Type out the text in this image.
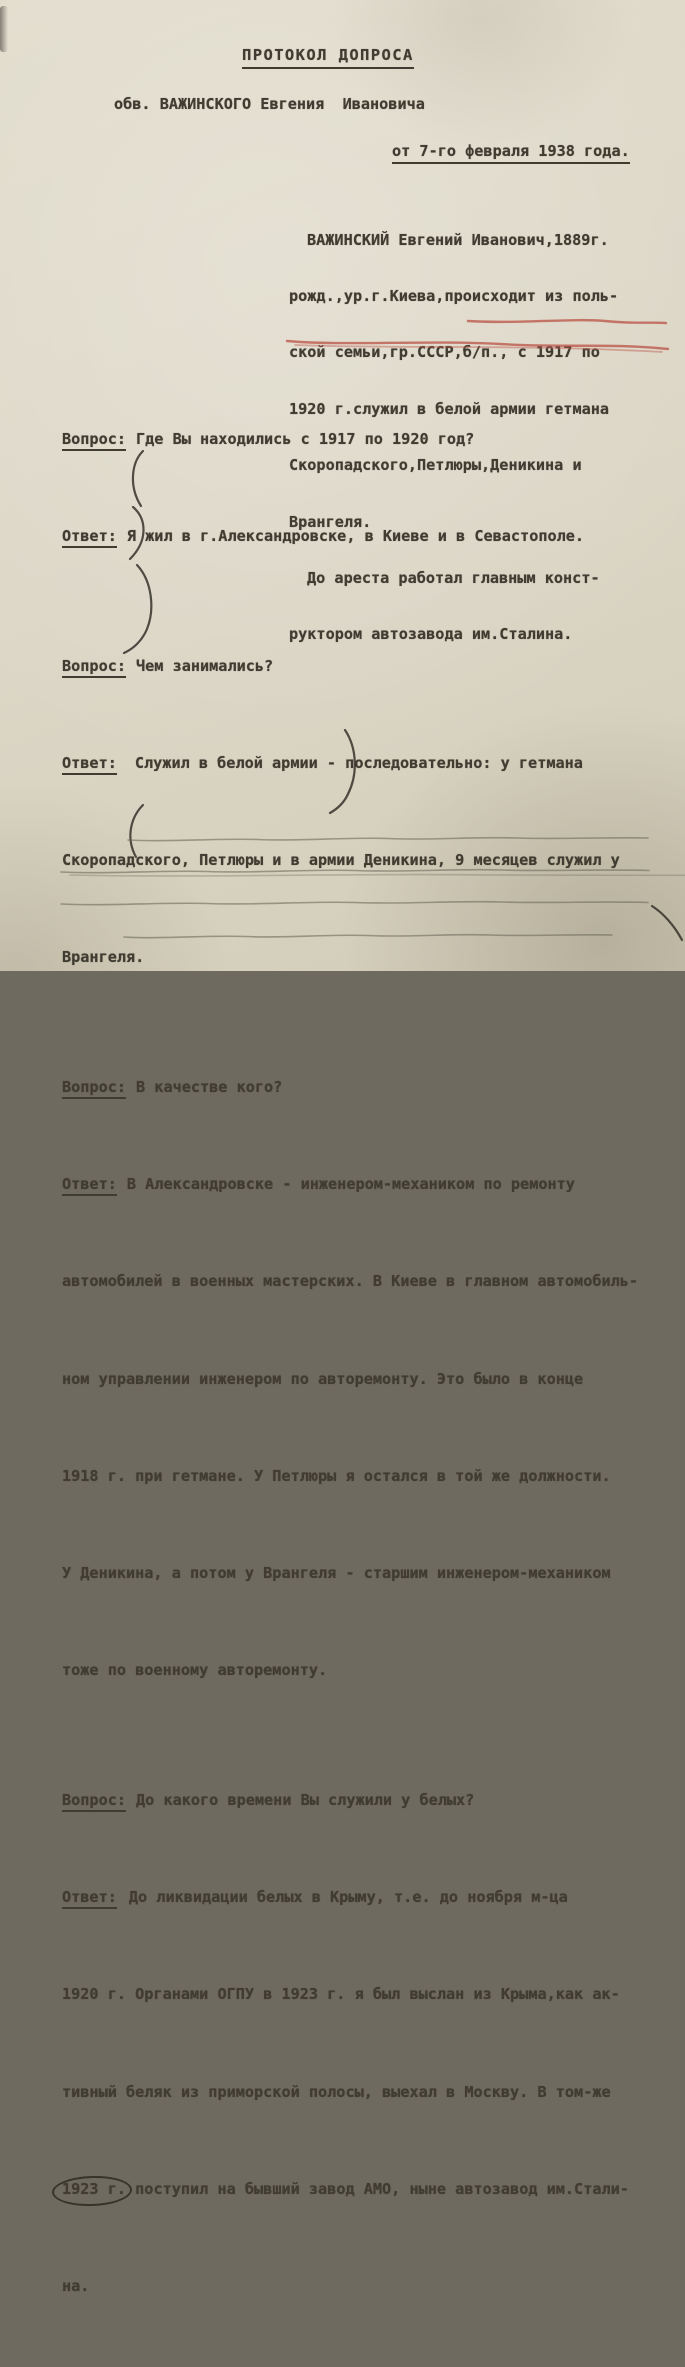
ПРОТОКОЛ ДОПРОСА
обв. ВАЖИНСКОГО Евгения  Ивановича
от 7-го февраля 1938 года.

ВАЖИНСКИЙ Евгений Иванович,1889г.

рожд.,ур.г.Киева,происходит из поль-

ской семьи,гр.СССР,б/п., с 1917 по

1920 г.служил в белой армии гетмана

Скоропадского,Петлюры,Деникина и

Врангеля.

До ареста работал главным конст-

руктором автозавода им.Сталина.

Вопрос: Где Вы находились с 1917 по 1920 год?

Ответ: Я жил в г.Александровске, в Киеве и в Севастополе.

Вопрос: Чем занимались?

Ответ: Служил в белой армии - последовательно: у гетмана

Скоропадского, Петлюры и в армии Деникина, 9 месяцев служил у

Врангеля.

Вопрос: В качестве кого?

Ответ: В Александровске - инженером-механиком по ремонту

автомобилей в военных мастерских. В Киеве в главном автомобиль-

ном управлении инженером по авторемонту. Это было в конце

1918 г. при гетмане. У Петлюры я остался в той же должности.

У Деникина, а потом у Врангеля - старшим инженером-механиком

тоже по военному авторемонту.

Вопрос: До какого времени Вы служили у белых?

Ответ: До ликвидации белых в Крыму, т.е. до ноября м-ца

1920 г. Органами ОГПУ в 1923 г. я был выслан из Крыма,как ак-

тивный беляк из приморской полосы, выехал в Москву. В том-же

1923 г. поступил на бывший завод АМО, ныне автозавод им.Стали-

на.
